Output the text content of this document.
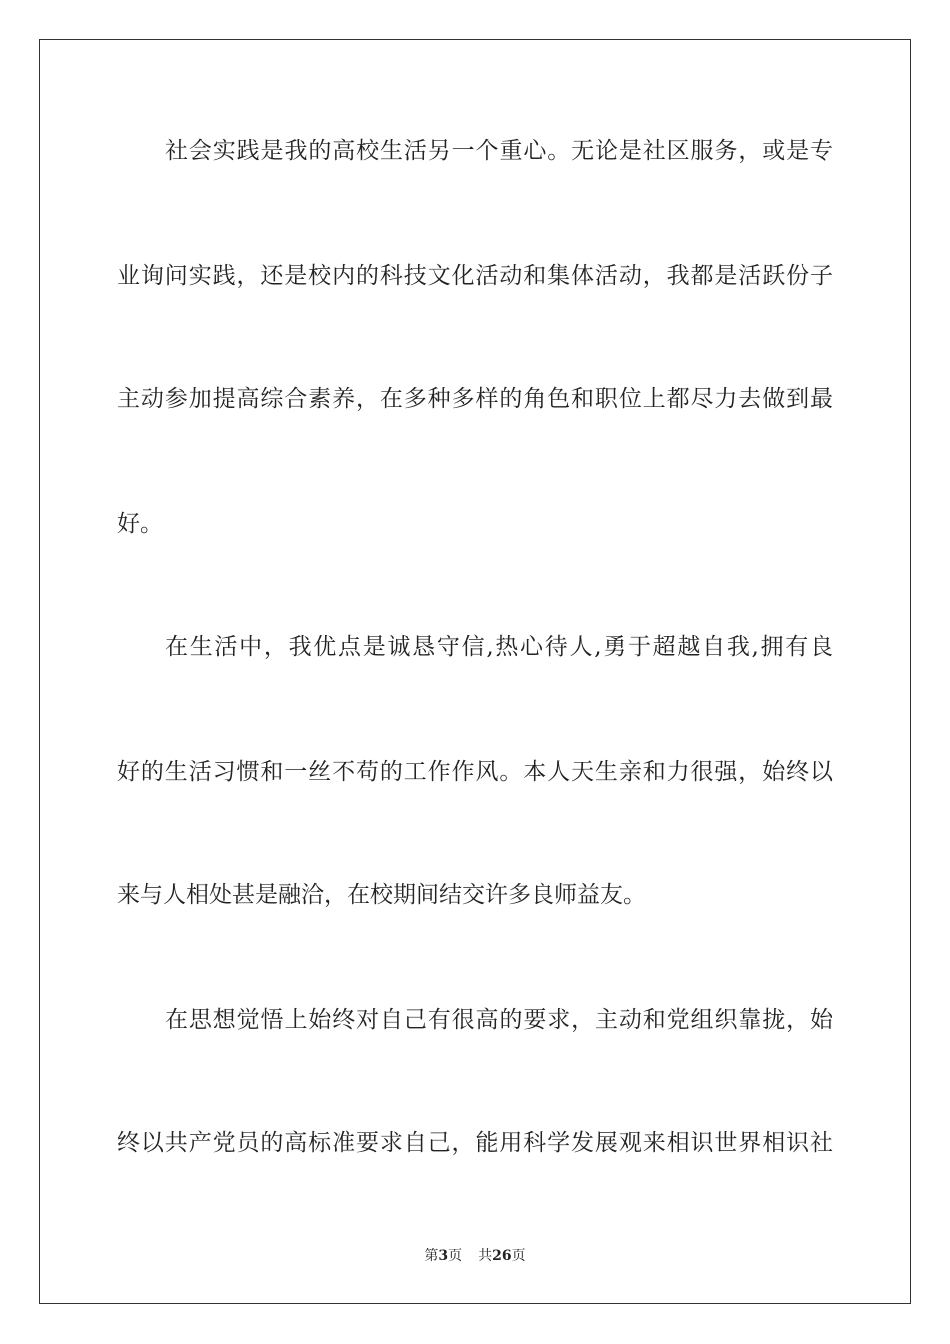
社会实践是我的高校生活另一个重心。无论是社区服务，或是专
业询问实践，还是校内的科技文化活动和集体活动，我都是活跃份子
主动参加提高综合素养，在多种多样的角色和职位上都尽力去做到最
好。
在生活中，我优点是诚恳守信,热心待人,勇于超越自我,拥有良
好的生活习惯和一丝不苟的工作作风。本人天生亲和力很强，始终以
来与人相处甚是融洽，在校期间结交许多良师益友。
在思想觉悟上始终对自己有很高的要求，主动和党组织靠拢，始
终以共产党员的高标准要求自己，能用科学发展观来相识世界相识社
第3页 共26页
